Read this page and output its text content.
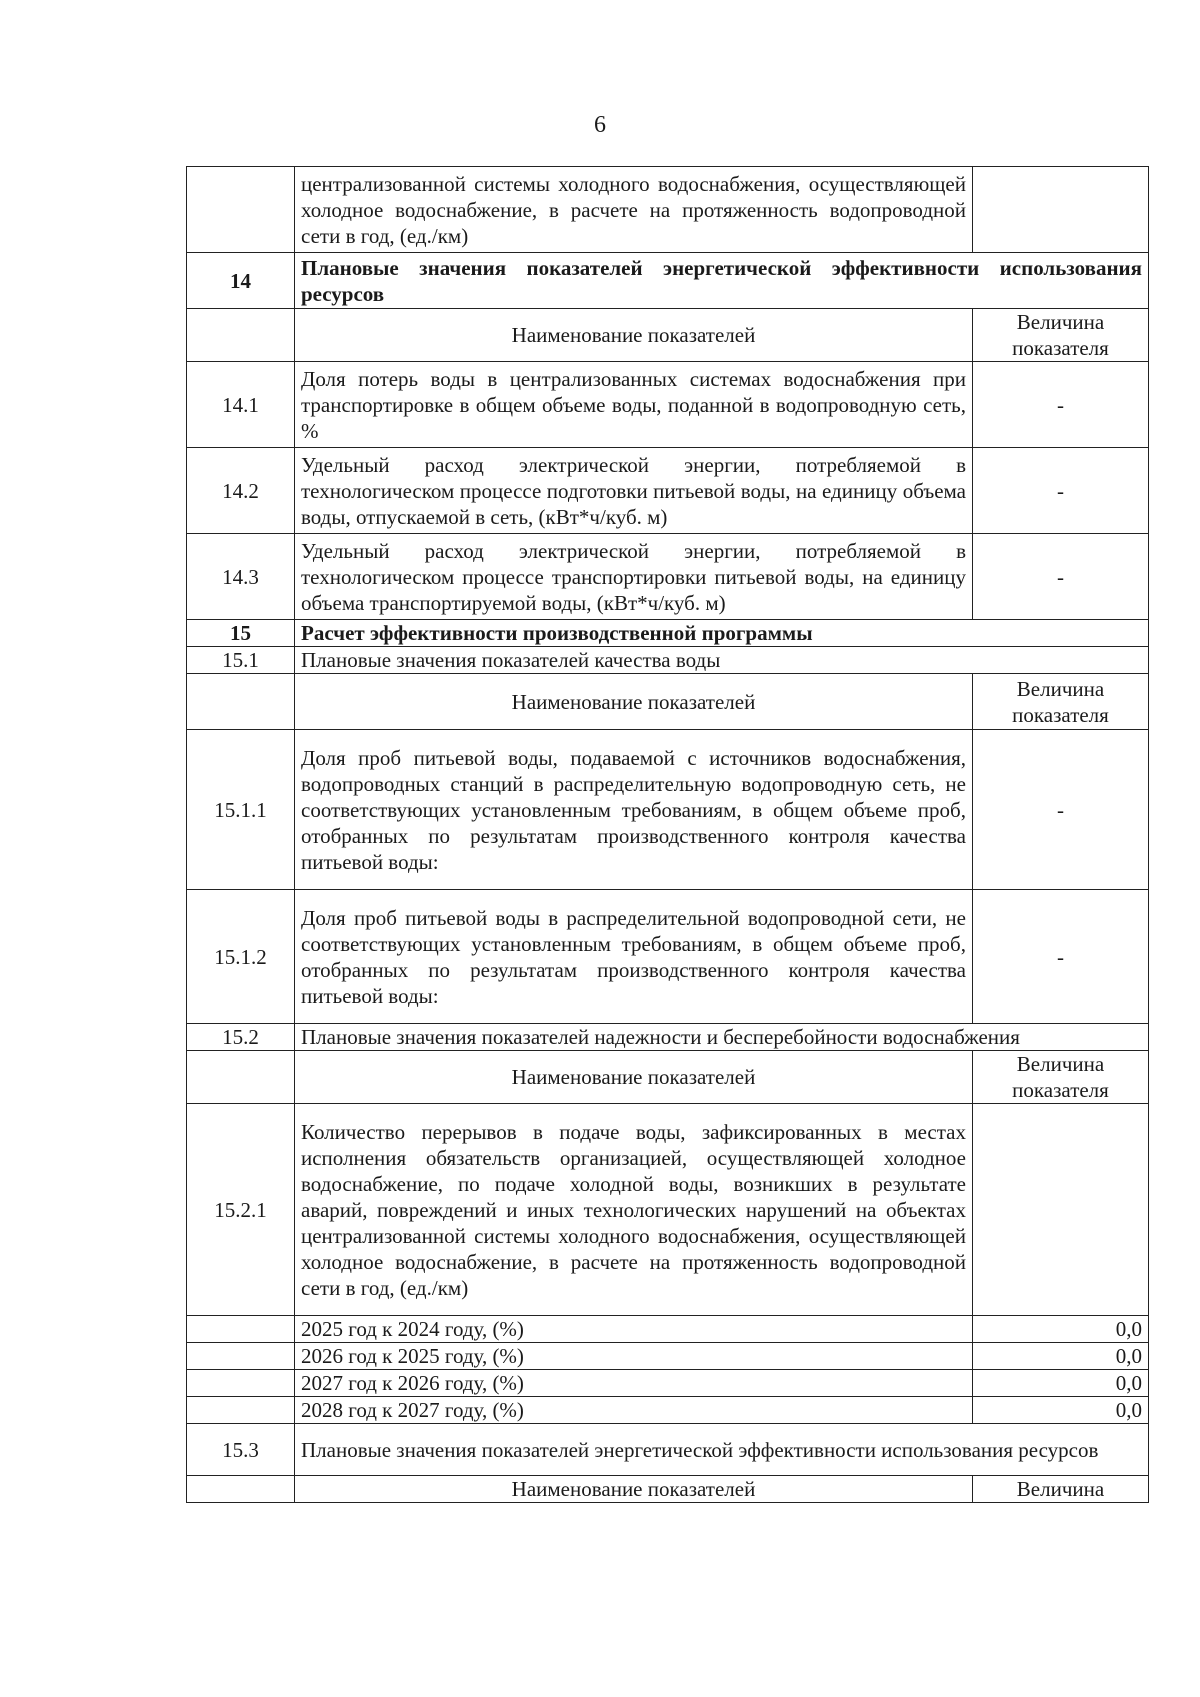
6
	централизованной системы холодного водоснабжения, осуществляющей холодное водоснабжение, в расчете на протяженность водопроводной сети в год, (ед./км)	
14	Плановые значения показателей энергетической эффективности использования ресурсов	
	Наименование показателей	Величина показателя
14.1	Доля потерь воды в централизованных системах водоснабжения при транспортировке в общем объеме воды, поданной в водопроводную сеть, %	-
14.2	Удельный расход электрической энергии, потребляемой в технологическом процессе подготовки питьевой воды, на единицу объема воды, отпускаемой в сеть, (кВт*ч/куб. м)	-
14.3	Удельный расход электрической энергии, потребляемой в технологическом процессе транспортировки питьевой воды, на единицу объема транспортируемой воды, (кВт*ч/куб. м)	-
15	Расчет эффективности производственной программы	
15.1	Плановые значения показателей качества воды	
	Наименование показателей	Величина показателя
15.1.1	Доля проб питьевой воды, подаваемой с источников водоснабжения, водопроводных станций в распределительную водопроводную сеть, не соответствующих установленным требованиям, в общем объеме проб, отобранных по результатам производственного контроля качества питьевой воды:	-
15.1.2	Доля проб питьевой воды в распределительной водопроводной сети, не соответствующих установленным требованиям, в общем объеме проб, отобранных по результатам производственного контроля качества питьевой воды:	-
15.2	Плановые значения показателей надежности и бесперебойности водоснабжения	
	Наименование показателей	Величина показателя
15.2.1	Количество перерывов в подаче воды, зафиксированных в местах исполнения обязательств организацией, осуществляющей холодное водоснабжение, по подаче холодной воды, возникших в результате аварий, повреждений и иных технологических нарушений на объектах централизованной системы холодного водоснабжения, осуществляющей холодное водоснабжение, в расчете на протяженность водопроводной сети в год, (ед./км)	
	2025 год к 2024 году, (%)	0,0
	2026 год к 2025 году, (%)	0,0
	2027 год к 2026 году, (%)	0,0
	2028 год к 2027 году, (%)	0,0
15.3	Плановые значения показателей энергетической эффективности использования ресурсов	
	Наименование показателей	Величина
